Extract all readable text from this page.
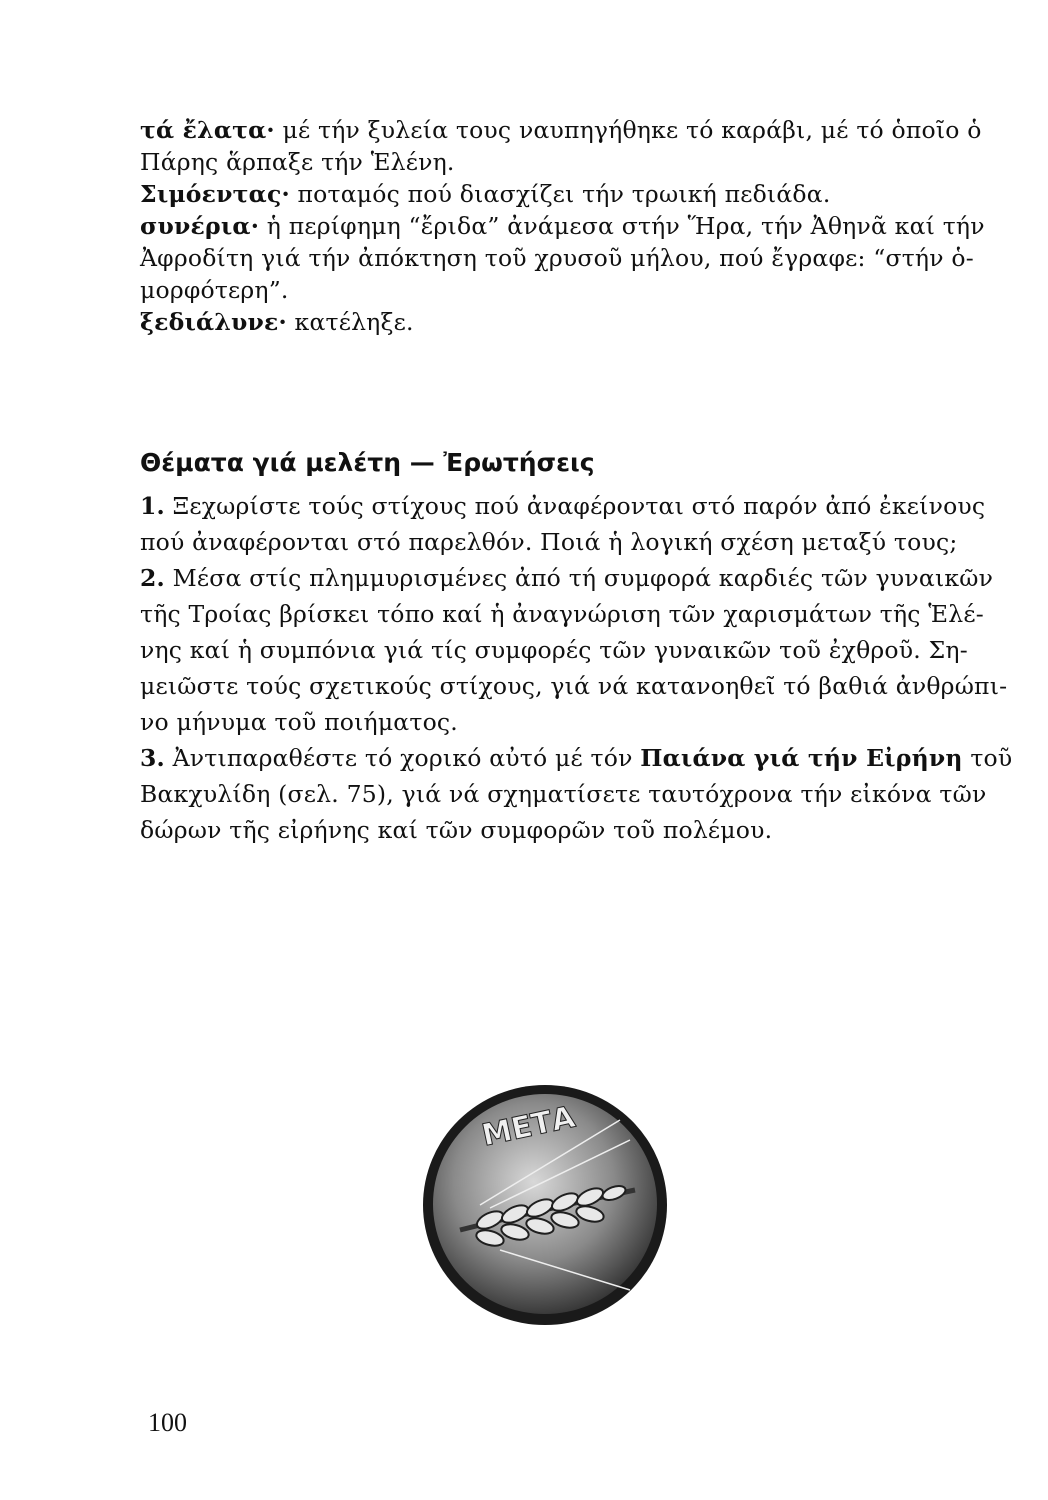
τά ἔλατα· μέ τήν ξυλεία τους ναυπηγήθηκε τό καράβι, μέ τό ὁποῖο ὁ
Πάρης ἅρπαξε τήν Ἑλένη.
Σιμόεντας· ποταμός πού διασχίζει τήν τρωική πεδιάδα.
συνέρια· ἡ περίφημη “ἔριδα” ἀνάμεσα στήν Ἥρα, τήν Ἀθηνᾶ καί τήν
Ἀφροδίτη γιά τήν ἀπόκτηση τοῦ χρυσοῦ μήλου, πού ἔγραφε: “στήν ὁ-
μορφότερη”.
ξεδιάλυνε· κατέληξε.
Θέματα γιά μελέτη — Ἐρωτήσεις
1. Ξεχωρίστε τούς στίχους πού ἀναφέρονται στό παρόν ἀπό ἐκείνους
πού ἀναφέρονται στό παρελθόν. Ποιά ἡ λογική σχέση μεταξύ τους;
2. Μέσα στίς πλημμυρισμένες ἀπό τή συμφορά καρδιές τῶν γυναικῶν
τῆς Τροίας βρίσκει τόπο καί ἡ ἀναγνώριση τῶν χαρισμάτων τῆς Ἑλέ-
νης καί ἡ συμπόνια γιά τίς συμφορές τῶν γυναικῶν τοῦ ἐχθροῦ. Ση-
μειῶστε τούς σχετικούς στίχους, γιά νά κατανοηθεῖ τό βαθιά ἀνθρώπι-
νο μήνυμα τοῦ ποιήματος.
3. Ἀντιπαραθέστε τό χορικό αὐτό μέ τόν Παιάνα γιά τήν Εἰρήνη τοῦ
Βακχυλίδη (σελ. 75), γιά νά σχηματίσετε ταυτόχρονα τήν εἰκόνα τῶν
δώρων τῆς εἰρήνης καί τῶν συμφορῶν τοῦ πολέμου.
ΜΕΤΑ
100
